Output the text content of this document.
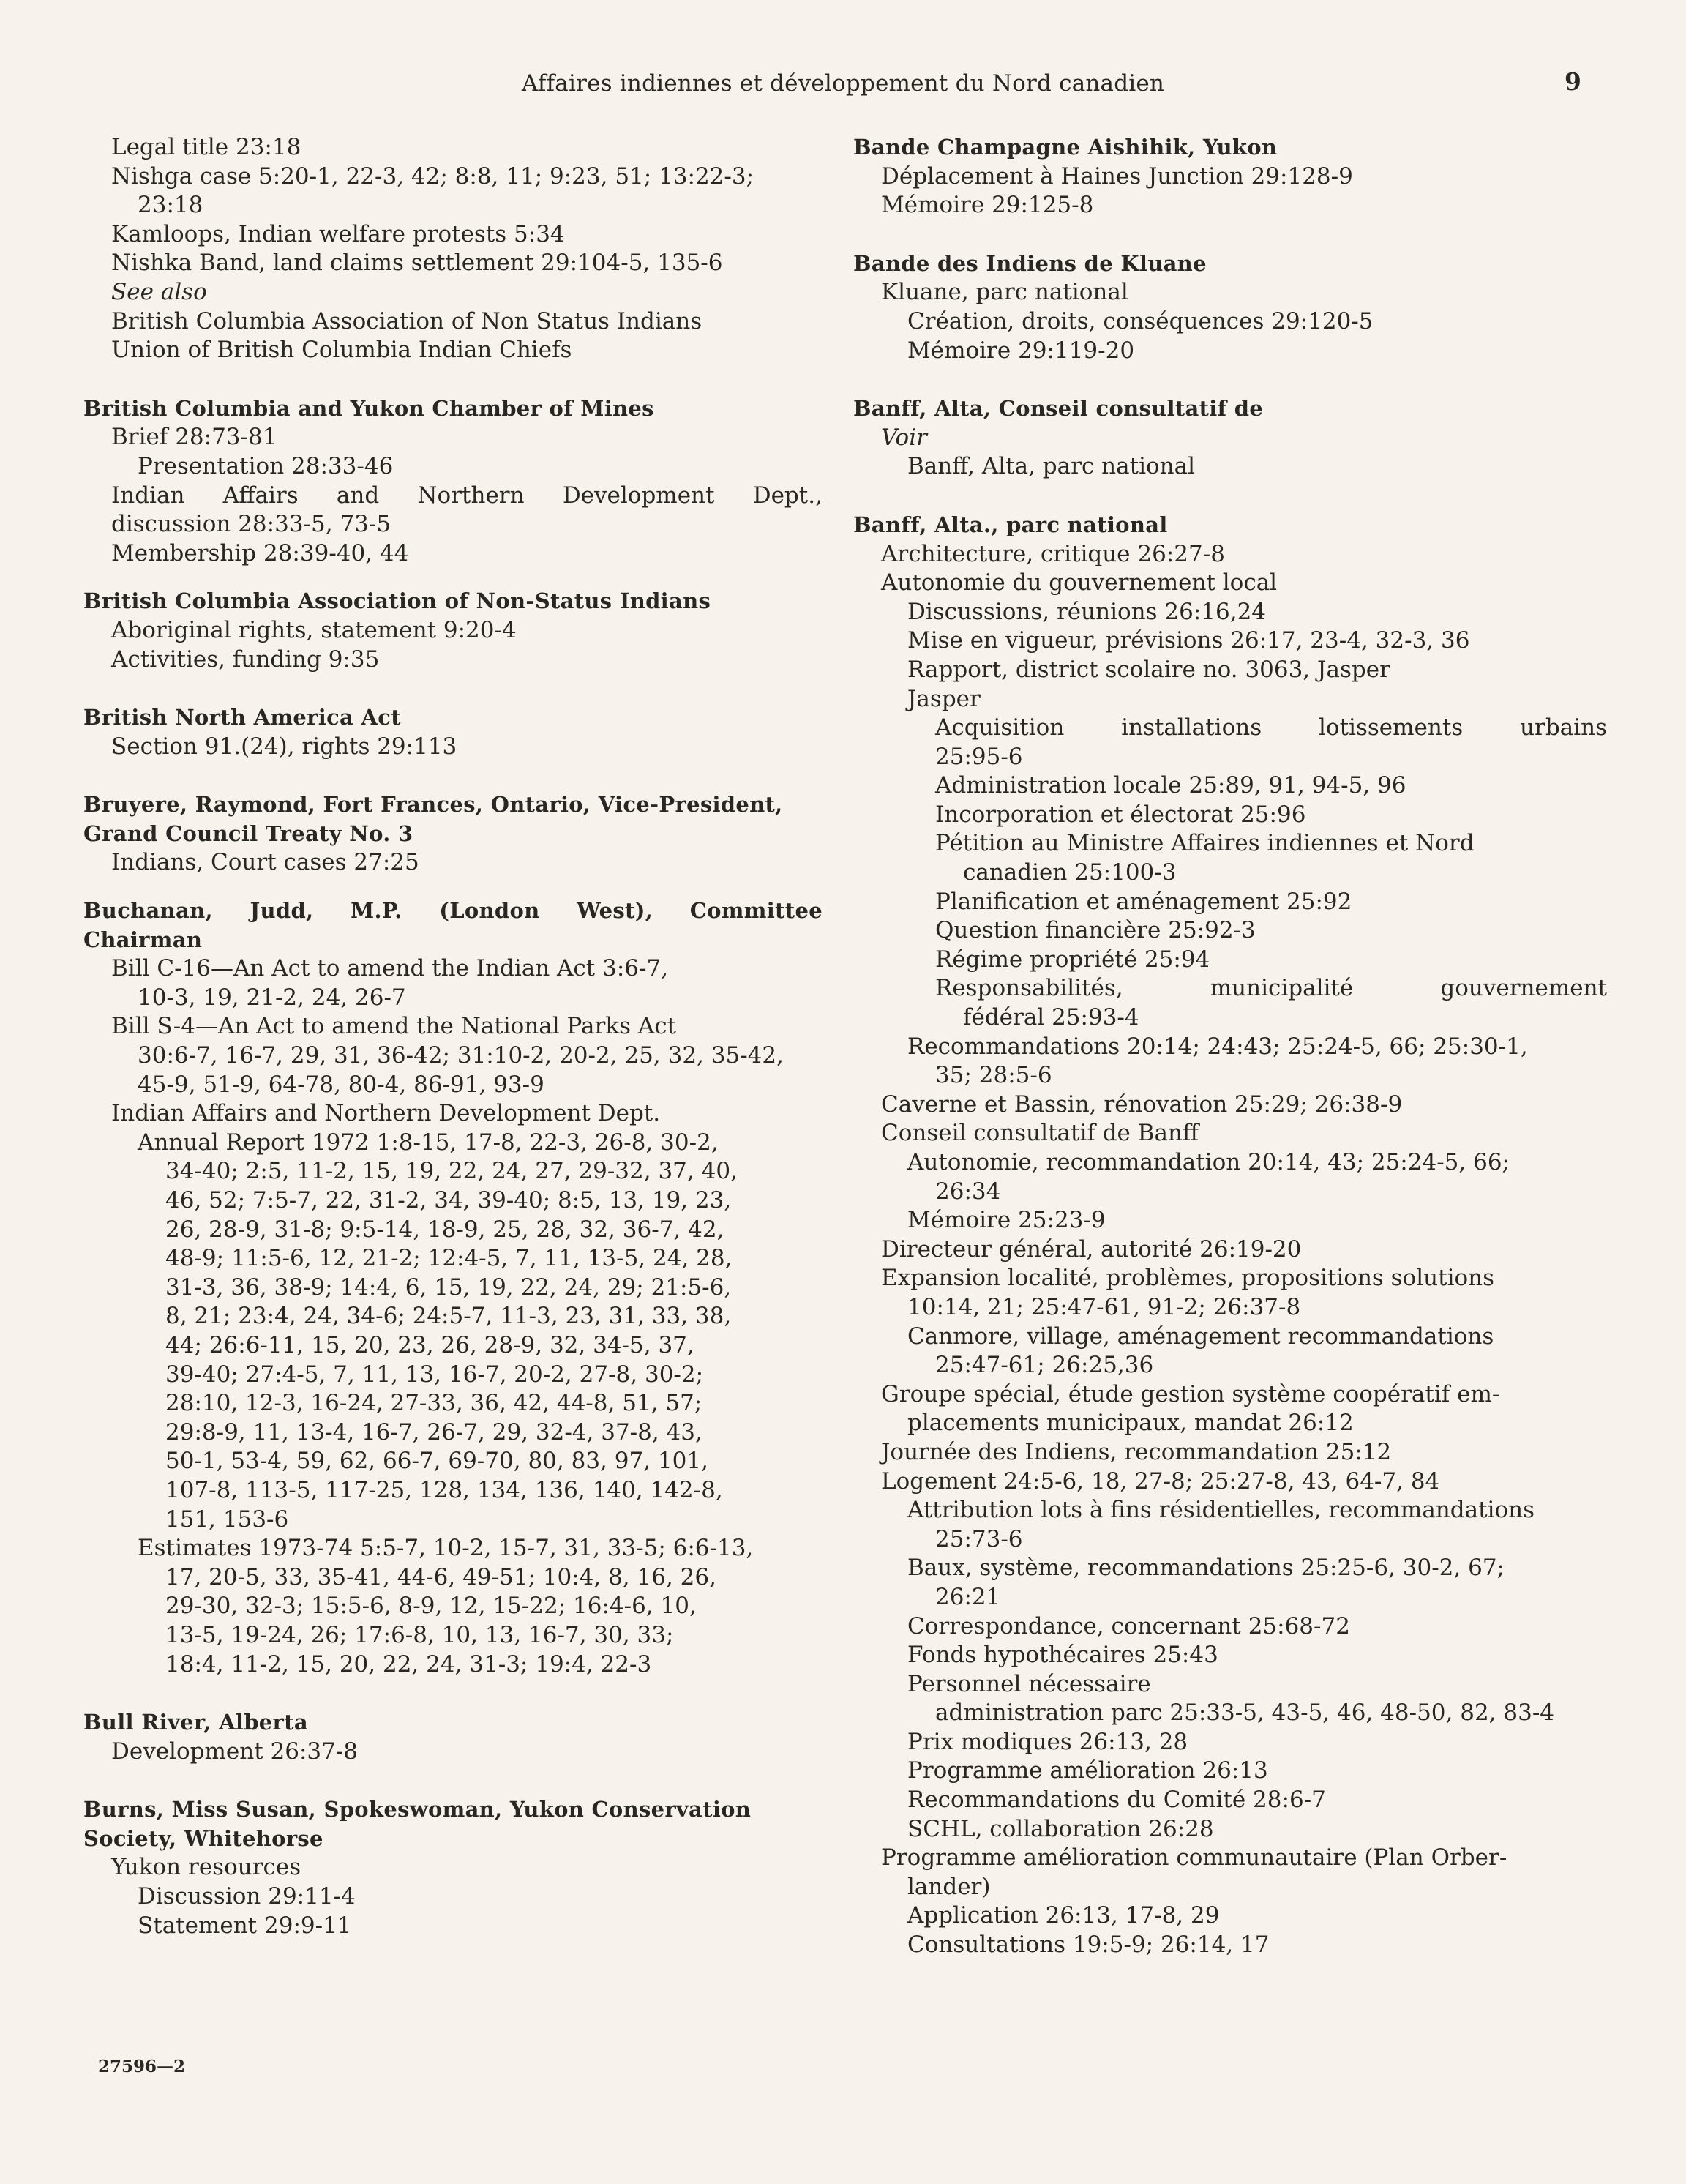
Affaires indiennes et développement du Nord canadien	9
Legal title 23:18
Nishga case 5:20-1, 22-3, 42; 8:8, 11; 9:23, 51; 13:22-3;
23:18
Kamloops, Indian welfare protests 5:34
Nishka Band, land claims settlement 29:104-5, 135-6
See also
British Columbia Association of Non Status Indians
Union of British Columbia Indian Chiefs
British Columbia and Yukon Chamber of Mines
Brief 28:73-81
Presentation 28:33-46
Indian Affairs and Northern Development Dept.,
discussion 28:33-5, 73-5
Membership 28:39-40, 44
British Columbia Association of Non-Status Indians
Aboriginal rights, statement 9:20-4
Activities, funding 9:35
British North America Act
Section 91.(24), rights 29:113
Bruyere, Raymond, Fort Frances, Ontario, Vice-President,
Grand Council Treaty No. 3
Indians, Court cases 27:25
Buchanan, Judd, M.P. (London West), Committee
Chairman
Bill C-16—An Act to amend the Indian Act 3:6-7,
10-3, 19, 21-2, 24, 26-7
Bill S-4—An Act to amend the National Parks Act
30:6-7, 16-7, 29, 31, 36-42; 31:10-2, 20-2, 25, 32, 35-42,
45-9, 51-9, 64-78, 80-4, 86-91, 93-9
Indian Affairs and Northern Development Dept.
Annual Report 1972 1:8-15, 17-8, 22-3, 26-8, 30-2,
34-40; 2:5, 11-2, 15, 19, 22, 24, 27, 29-32, 37, 40,
46, 52; 7:5-7, 22, 31-2, 34, 39-40; 8:5, 13, 19, 23,
26, 28-9, 31-8; 9:5-14, 18-9, 25, 28, 32, 36-7, 42,
48-9; 11:5-6, 12, 21-2; 12:4-5, 7, 11, 13-5, 24, 28,
31-3, 36, 38-9; 14:4, 6, 15, 19, 22, 24, 29; 21:5-6,
8, 21; 23:4, 24, 34-6; 24:5-7, 11-3, 23, 31, 33, 38,
44; 26:6-11, 15, 20, 23, 26, 28-9, 32, 34-5, 37,
39-40; 27:4-5, 7, 11, 13, 16-7, 20-2, 27-8, 30-2;
28:10, 12-3, 16-24, 27-33, 36, 42, 44-8, 51, 57;
29:8-9, 11, 13-4, 16-7, 26-7, 29, 32-4, 37-8, 43,
50-1, 53-4, 59, 62, 66-7, 69-70, 80, 83, 97, 101,
107-8, 113-5, 117-25, 128, 134, 136, 140, 142-8,
151, 153-6
Estimates 1973-74 5:5-7, 10-2, 15-7, 31, 33-5; 6:6-13,
17, 20-5, 33, 35-41, 44-6, 49-51; 10:4, 8, 16, 26,
29-30, 32-3; 15:5-6, 8-9, 12, 15-22; 16:4-6, 10,
13-5, 19-24, 26; 17:6-8, 10, 13, 16-7, 30, 33;
18:4, 11-2, 15, 20, 22, 24, 31-3; 19:4, 22-3
Bull River, Alberta
Development 26:37-8
Burns, Miss Susan, Spokeswoman, Yukon Conservation
Society, Whitehorse
Yukon resources
Discussion 29:11-4
Statement 29:9-11
Bande Champagne Aishihik, Yukon
Déplacement à Haines Junction 29:128-9
Mémoire 29:125-8
Bande des Indiens de Kluane
Kluane, parc national
Création, droits, conséquences 29:120-5
Mémoire 29:119-20
Banff, Alta, Conseil consultatif de
Voir
Banff, Alta, parc national
Banff, Alta., parc national
Architecture, critique 26:27-8
Autonomie du gouvernement local
Discussions, réunions 26:16,24
Mise en vigueur, prévisions 26:17, 23-4, 32-3, 36
Rapport, district scolaire no. 3063, Jasper
Jasper
Acquisition	installations	lotissements	urbains
25:95-6
Administration locale 25:89, 91, 94-5, 96
Incorporation et électorat 25:96
Pétition au Ministre Affaires indiennes et Nord
canadien 25:100-3
Planification et aménagement 25:92
Question financière 25:92-3
Régime propriété 25:94
Responsabilités,	municipalité	gouvernement
fédéral 25:93-4
Recommandations 20:14; 24:43; 25:24-5, 66; 25:30-1,
35; 28:5-6
Caverne et Bassin, rénovation 25:29; 26:38-9
Conseil consultatif de Banff
Autonomie, recommandation 20:14, 43; 25:24-5, 66;
26:34
Mémoire 25:23-9
Directeur général, autorité 26:19-20
Expansion localité, problèmes, propositions solutions
10:14, 21; 25:47-61, 91-2; 26:37-8
Canmore, village, aménagement recommandations
25:47-61; 26:25,36
Groupe spécial, étude gestion système coopératif em-
placements municipaux, mandat 26:12
Journée des Indiens, recommandation 25:12
Logement 24:5-6, 18, 27-8; 25:27-8, 43, 64-7, 84
Attribution lots à fins résidentielles, recommandations
25:73-6
Baux, système, recommandations 25:25-6, 30-2, 67;
26:21
Correspondance, concernant 25:68-72
Fonds hypothécaires 25:43
Personnel nécessaire
administration parc 25:33-5, 43-5, 46, 48-50, 82, 83-4
Prix modiques 26:13, 28
Programme amélioration 26:13
Recommandations du Comité 28:6-7
SCHL, collaboration 26:28
Programme amélioration communautaire (Plan Orber-
lander)
Application 26:13, 17-8, 29
Consultations 19:5-9; 26:14, 17
27596—2
